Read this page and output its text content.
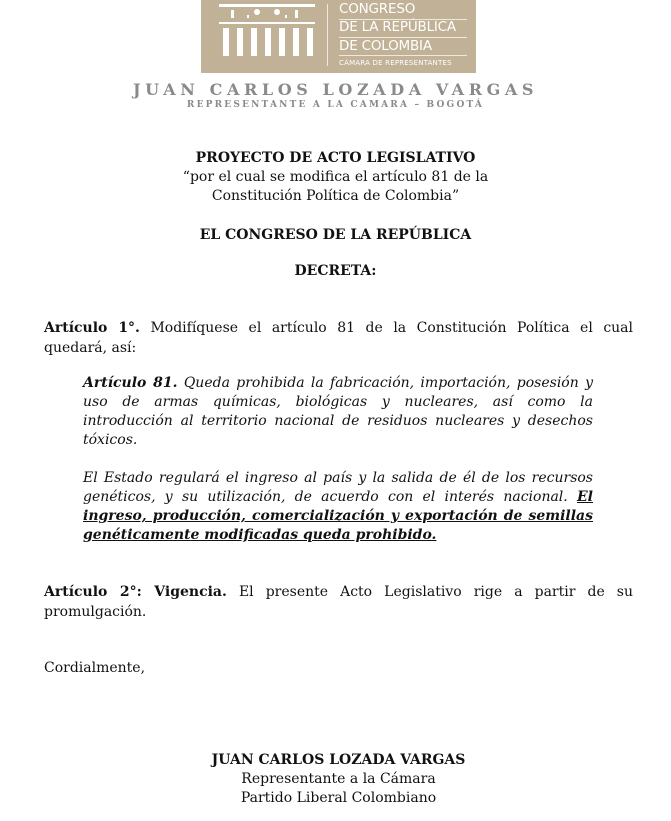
CONGRESO
DE LA REPÚBLICA
DE COLOMBIA
CÁMARA DE REPRESENTANTES
JUAN CARLOS LOZADA VARGAS
REPRESENTANTE A LA CAMARA – BOGOTÁ
PROYECTO DE ACTO LEGISLATIVO
“por el cual se modifica el artículo 81 de la
Constitución Política de Colombia”
EL CONGRESO DE LA REPÚBLICA
DECRETA:
Artículo 1°. Modifíquese el artículo 81 de la Constitución Política el cual quedará, así:
Artículo 81. Queda prohibida la fabricación, importación, posesión y uso de armas químicas, biológicas y nucleares, así como la introducción al territorio nacional de residuos nucleares y desechos tóxicos.
El Estado regulará el ingreso al país y la salida de él de los recursos genéticos, y su utilización, de acuerdo con el interés nacional. El ingreso, producción, comercialización y exportación de semillas genéticamente modificadas queda prohibido.
Artículo 2°: Vigencia. El presente Acto Legislativo rige a partir de su promulgación.
Cordialmente,
JUAN CARLOS LOZADA VARGAS
Representante a la Cámara
Partido Liberal Colombiano
